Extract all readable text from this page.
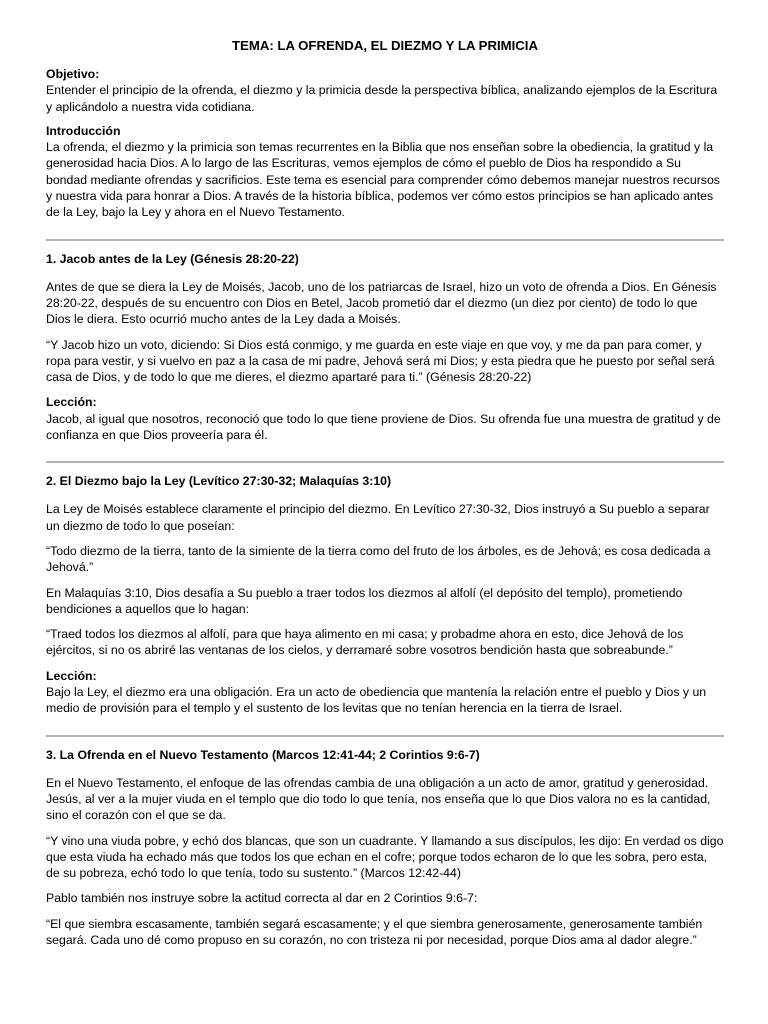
TEMA: LA OFRENDA, EL DIEZMO Y LA PRIMICIA

Objetivo:

Entender el principio de la ofrenda, el diezmo y la primicia desde la perspectiva bíblica, analizando ejemplos de la Escritura y aplicándolo a nuestra vida cotidiana.

Introducción

La ofrenda, el diezmo y la primicia son temas recurrentes en la Biblia que nos enseñan sobre la obediencia, la gratitud y la generosidad hacia Dios. A lo largo de las Escrituras, vemos ejemplos de cómo el pueblo de Dios ha respondido a Su bondad mediante ofrendas y sacrificios. Este tema es esencial para comprender cómo debemos manejar nuestros recursos y nuestra vida para honrar a Dios. A través de la historia bíblica, podemos ver cómo estos principios se han aplicado antes de la Ley, bajo la Ley y ahora en el Nuevo Testamento.

1. Jacob antes de la Ley (Génesis 28:20-22)

Antes de que se diera la Ley de Moisés, Jacob, uno de los patriarcas de Israel, hizo un voto de ofrenda a Dios. En Génesis 28:20-22, después de su encuentro con Dios en Betel, Jacob prometió dar el diezmo (un diez por ciento) de todo lo que Dios le diera. Esto ocurrió mucho antes de la Ley dada a Moisés.

“Y Jacob hizo un voto, diciendo: Si Dios está conmigo, y me guarda en este viaje en que voy, y me da pan para comer, y ropa para vestir, y si vuelvo en paz a la casa de mi padre, Jehová será mi Dios; y esta piedra que he puesto por señal será casa de Dios, y de todo lo que me dieres, el diezmo apartaré para ti.” (Génesis 28:20-22)

Lección:

Jacob, al igual que nosotros, reconoció que todo lo que tiene proviene de Dios. Su ofrenda fue una muestra de gratitud y de confianza en que Dios proveería para él.

2. El Diezmo bajo la Ley (Levítico 27:30-32; Malaquías 3:10)

La Ley de Moisés establece claramente el principio del diezmo. En Levítico 27:30-32, Dios instruyó a Su pueblo a separar un diezmo de todo lo que poseían:

“Todo diezmo de la tierra, tanto de la simiente de la tierra como del fruto de los árboles, es de Jehová; es cosa dedicada a Jehová.”

En Malaquías 3:10, Dios desafía a Su pueblo a traer todos los diezmos al alfolí (el depósito del templo), prometiendo bendiciones a aquellos que lo hagan:

“Traed todos los diezmos al alfolí, para que haya alimento en mi casa; y probadme ahora en esto, dice Jehová de los ejércitos, si no os abriré las ventanas de los cielos, y derramaré sobre vosotros bendición hasta que sobreabunde.”

Lección:

Bajo la Ley, el diezmo era una obligación. Era un acto de obediencia que mantenía la relación entre el pueblo y Dios y un medio de provisión para el templo y el sustento de los levitas que no tenían herencia en la tierra de Israel.

3. La Ofrenda en el Nuevo Testamento (Marcos 12:41-44; 2 Corintios 9:6-7)

En el Nuevo Testamento, el enfoque de las ofrendas cambia de una obligación a un acto de amor, gratitud y generosidad. Jesús, al ver a la mujer viuda en el templo que dio todo lo que tenía, nos enseña que lo que Dios valora no es la cantidad, sino el corazón con el que se da.

“Y vino una viuda pobre, y echó dos blancas, que son un cuadrante. Y llamando a sus discípulos, les dijo: En verdad os digo que esta viuda ha echado más que todos los que echan en el cofre; porque todos echaron de lo que les sobra, pero esta, de su pobreza, echó todo lo que tenía, todo su sustento.” (Marcos 12:42-44)

Pablo también nos instruye sobre la actitud correcta al dar en 2 Corintios 9:6-7:

“El que siembra escasamente, también segará escasamente; y el que siembra generosamente, generosamente también segará. Cada uno dé como propuso en su corazón, no con tristeza ni por necesidad, porque Dios ama al dador alegre.”
